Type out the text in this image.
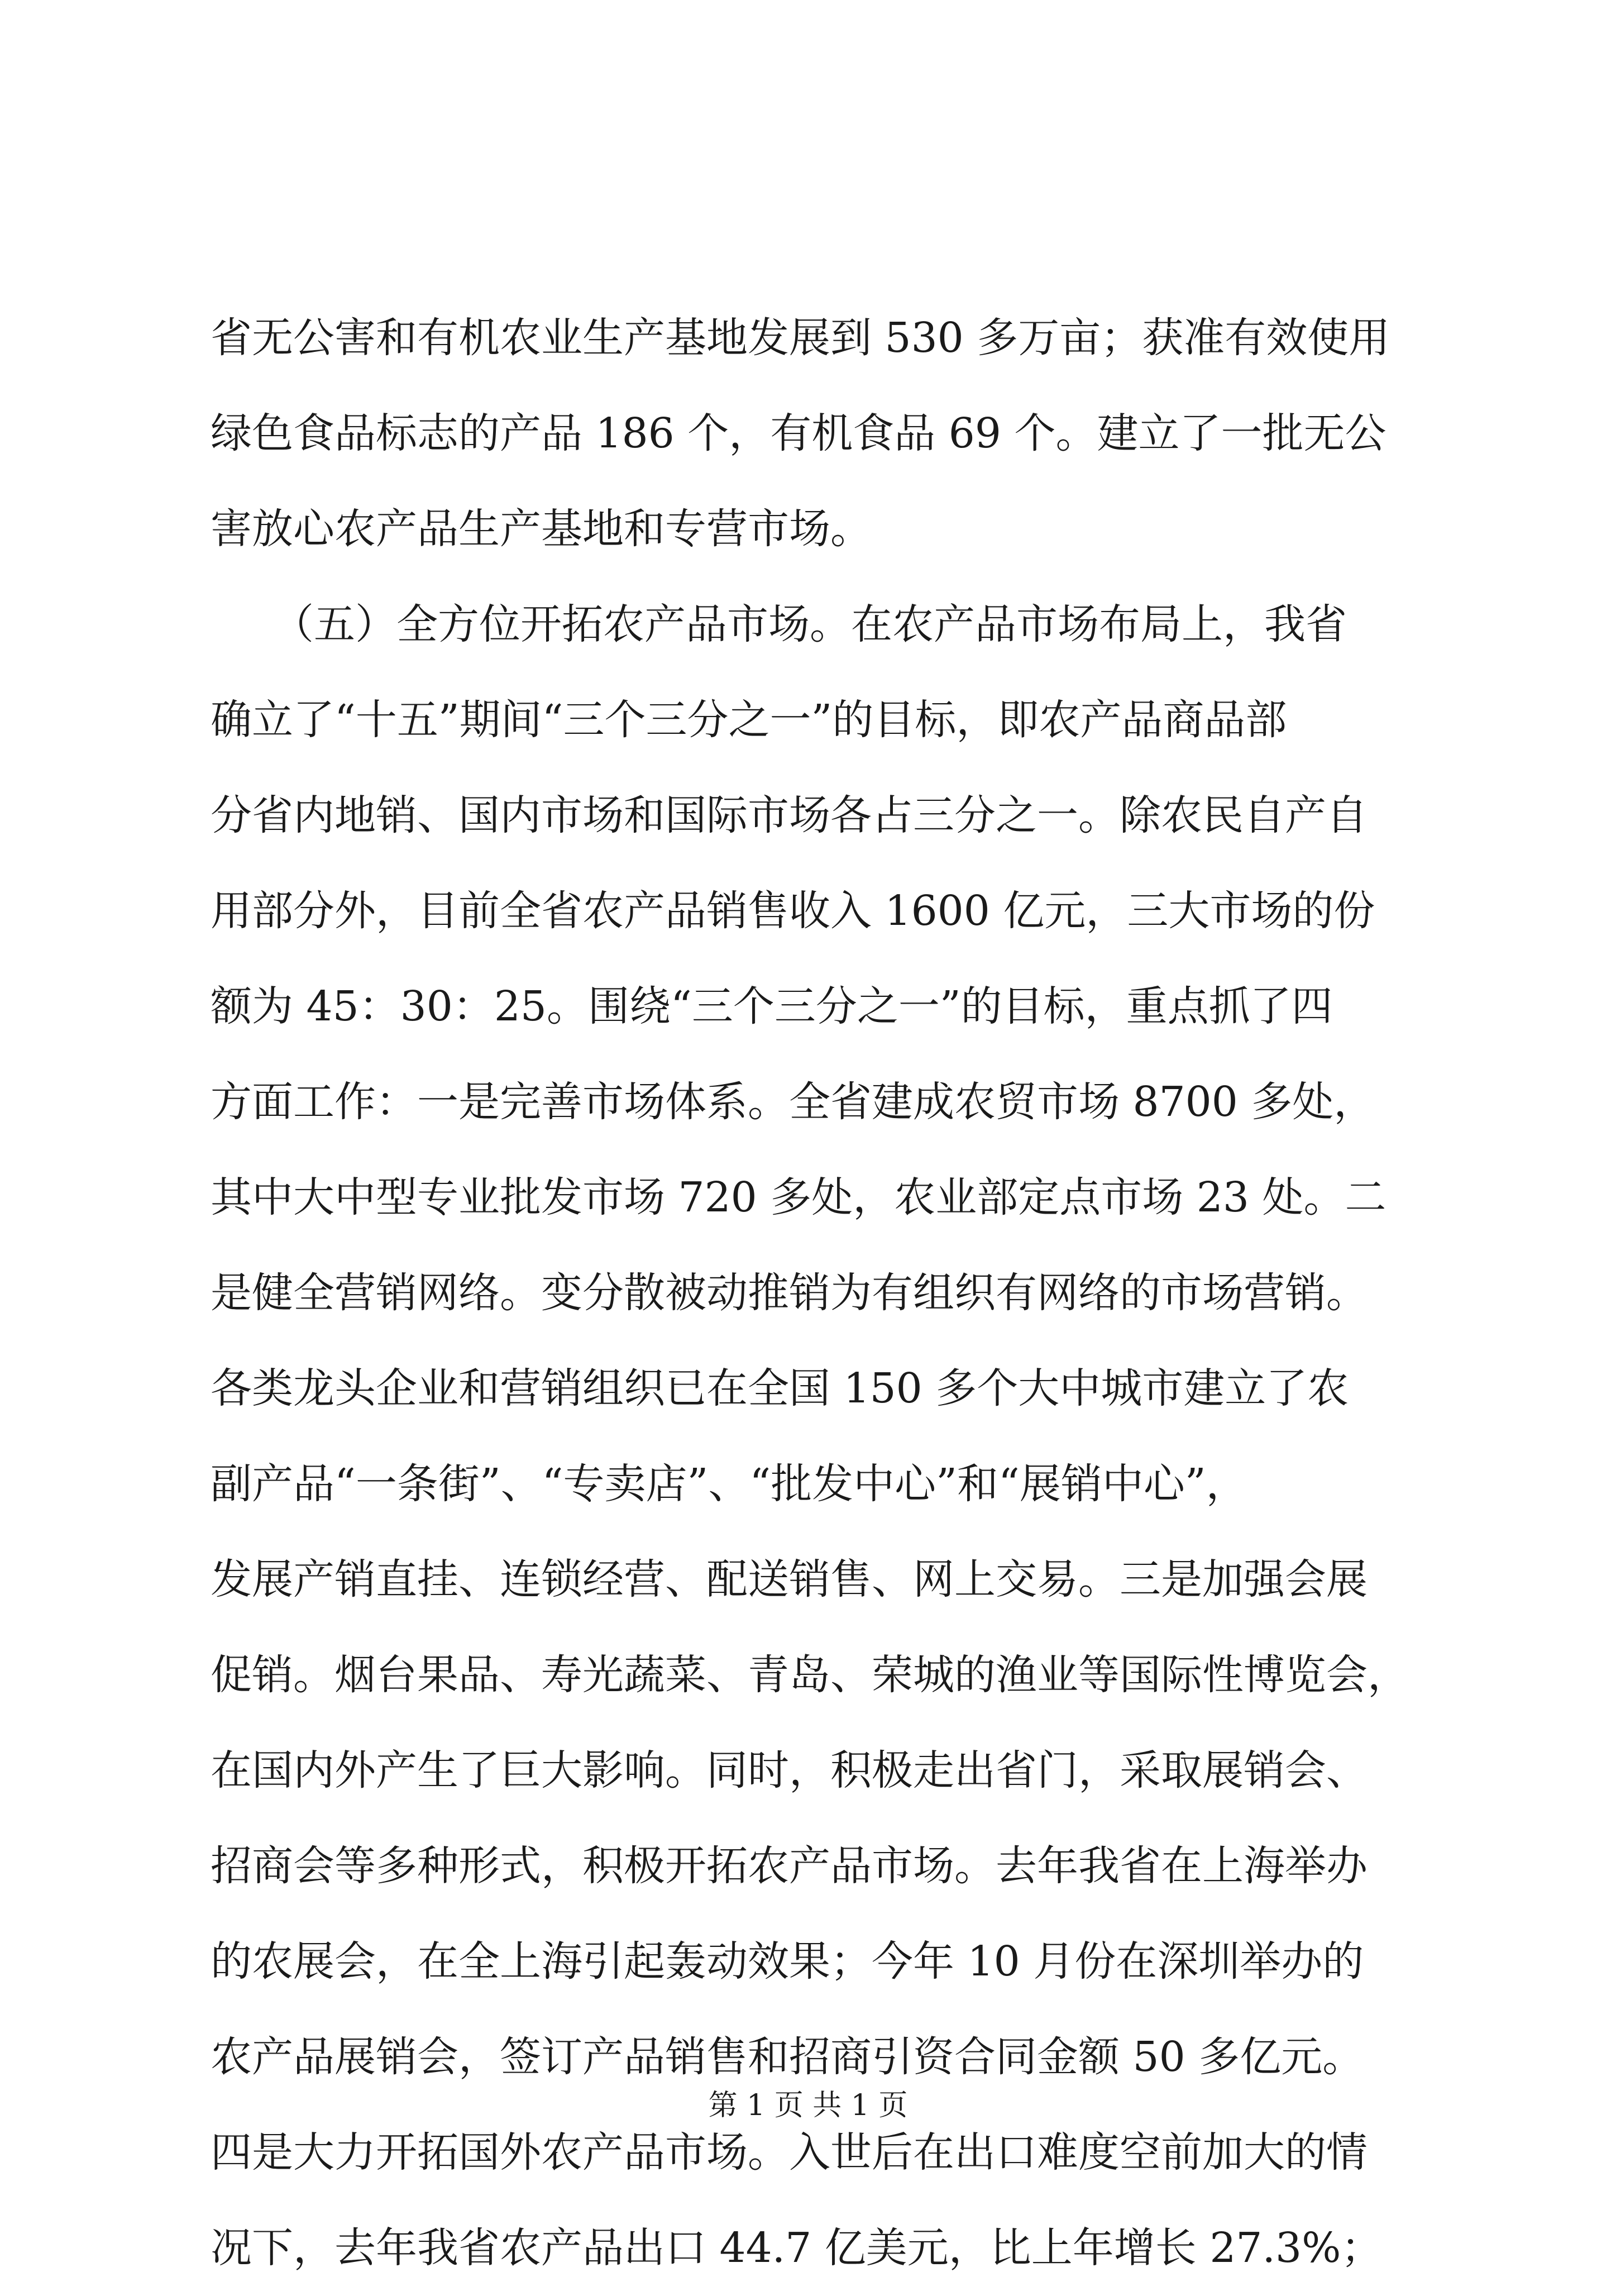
省无公害和有机农业生产基地发展到 530 多万亩；获准有效使用
绿色食品标志的产品 186 个，有机食品 69 个。建立了一批无公
害放心农产品生产基地和专营市场。
　　（五）全方位开拓农产品市场。在农产品市场布局上，我省
确立了“十五”期间“三个三分之一”的目标，即农产品商品部
分省内地销、国内市场和国际市场各占三分之一。除农民自产自
用部分外，目前全省农产品销售收入 1600 亿元，三大市场的份
额为 45：30：25。围绕“三个三分之一”的目标，重点抓了四
方面工作：一是完善市场体系。全省建成农贸市场 8700 多处，
其中大中型专业批发市场 720 多处，农业部定点市场 23 处。二
是健全营销网络。变分散被动推销为有组织有网络的市场营销。
各类龙头企业和营销组织已在全国 150 多个大中城市建立了农
副产品“一条街”、“专卖店”、“批发中心”和“展销中心”，
发展产销直挂、连锁经营、配送销售、网上交易。三是加强会展
促销。烟台果品、寿光蔬菜、青岛、荣城的渔业等国际性博览会，
在国内外产生了巨大影响。同时，积极走出省门，采取展销会、
招商会等多种形式，积极开拓农产品市场。去年我省在上海举办
的农展会，在全上海引起轰动效果；今年 10 月份在深圳举办的
农产品展销会，签订产品销售和招商引资合同金额 50 多亿元。
四是大力开拓国外农产品市场。入世后在出口难度空前加大的情
况下，去年我省农产品出口 44.7 亿美元，比上年增长 27.3%；
第 1 页 共 1 页
